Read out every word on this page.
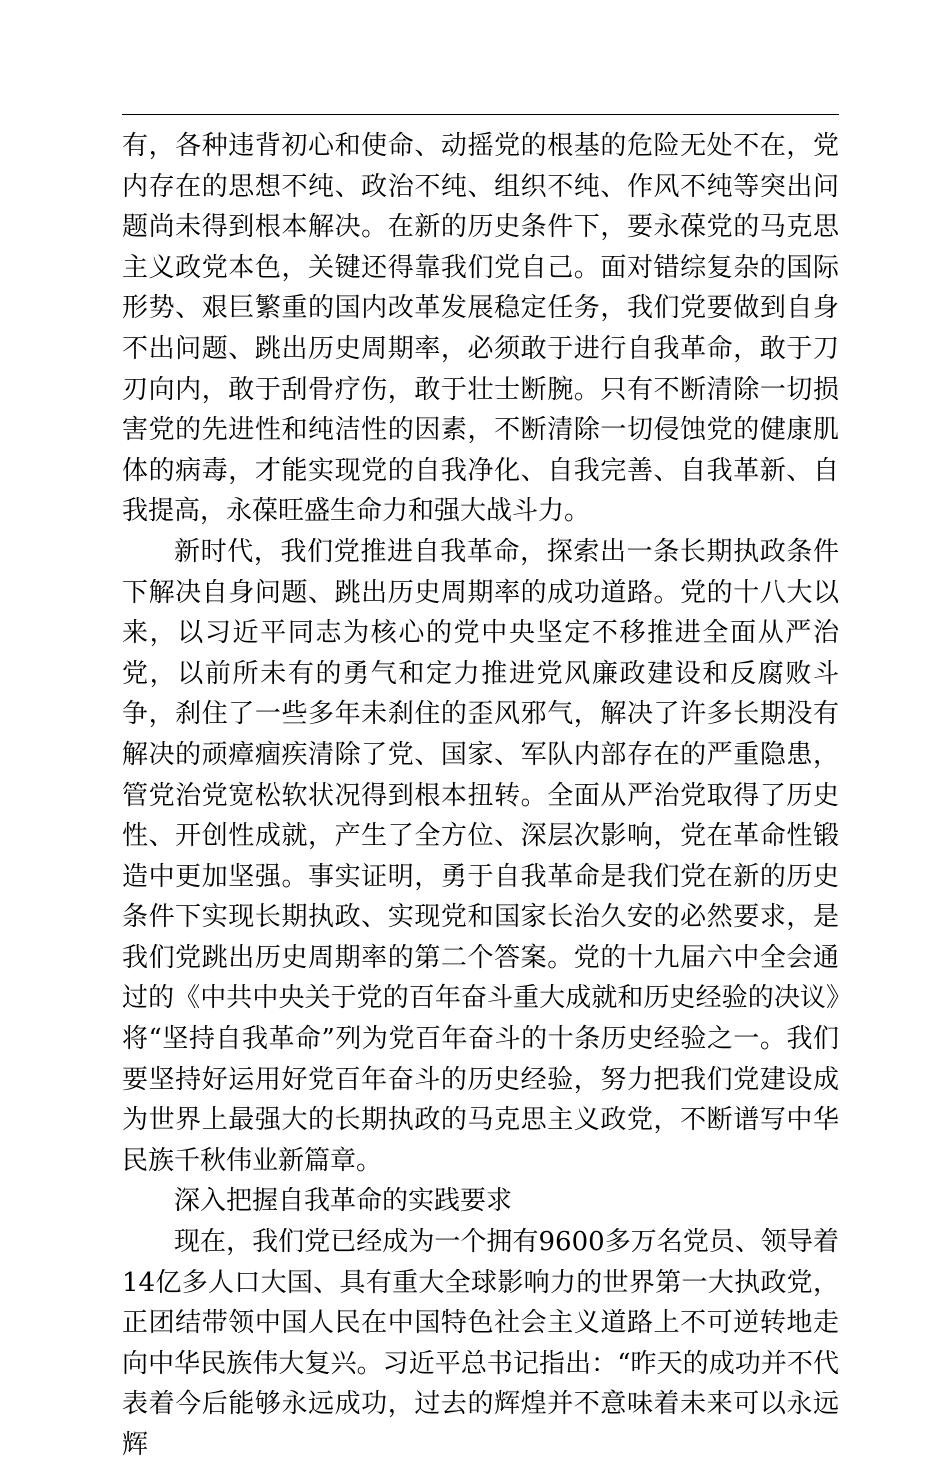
有，各种违背初心和使命、动摇党的根基的危险无处不在，党内存在的思想不纯、政治不纯、组织不纯、作风不纯等突出问题尚未得到根本解决。在新的历史条件下，要永葆党的马克思主义政党本色，关键还得靠我们党自己。面对错综复杂的国际形势、艰巨繁重的国内改革发展稳定任务，我们党要做到自身不出问题、跳出历史周期率，必须敢于进行自我革命，敢于刀刃向内，敢于刮骨疗伤，敢于壮士断腕。只有不断清除一切损害党的先进性和纯洁性的因素，不断清除一切侵蚀党的健康肌体的病毒，才能实现党的自我净化、自我完善、自我革新、自我提高，永葆旺盛生命力和强大战斗力。

新时代，我们党推进自我革命，探索出一条长期执政条件下解决自身问题、跳出历史周期率的成功道路。党的十八大以来，以习近平同志为核心的党中央坚定不移推进全面从严治党，以前所未有的勇气和定力推进党风廉政建设和反腐败斗争，刹住了一些多年未刹住的歪风邪气，解决了许多长期没有解决的顽瘴痼疾清除了党、国家、军队内部存在的严重隐患，管党治党宽松软状况得到根本扭转。全面从严治党取得了历史性、开创性成就，产生了全方位、深层次影响，党在革命性锻造中更加坚强。事实证明，勇于自我革命是我们党在新的历史条件下实现长期执政、实现党和国家长治久安的必然要求，是我们党跳出历史周期率的第二个答案。党的十九届六中全会通过的《中共中央关于党的百年奋斗重大成就和历史经验的决议》将“坚持自我革命”列为党百年奋斗的十条历史经验之一。我们要坚持好运用好党百年奋斗的历史经验，努力把我们党建设成为世界上最强大的长期执政的马克思主义政党，不断谱写中华民族千秋伟业新篇章。

深入把握自我革命的实践要求

现在，我们党已经成为一个拥有9600多万名党员、领导着14亿多人口大国、具有重大全球影响力的世界第一大执政党，正团结带领中国人民在中国特色社会主义道路上不可逆转地走向中华民族伟大复兴。习近平总书记指出：“昨天的成功并不代表着今后能够永远成功，过去的辉煌并不意味着未来可以永远辉
